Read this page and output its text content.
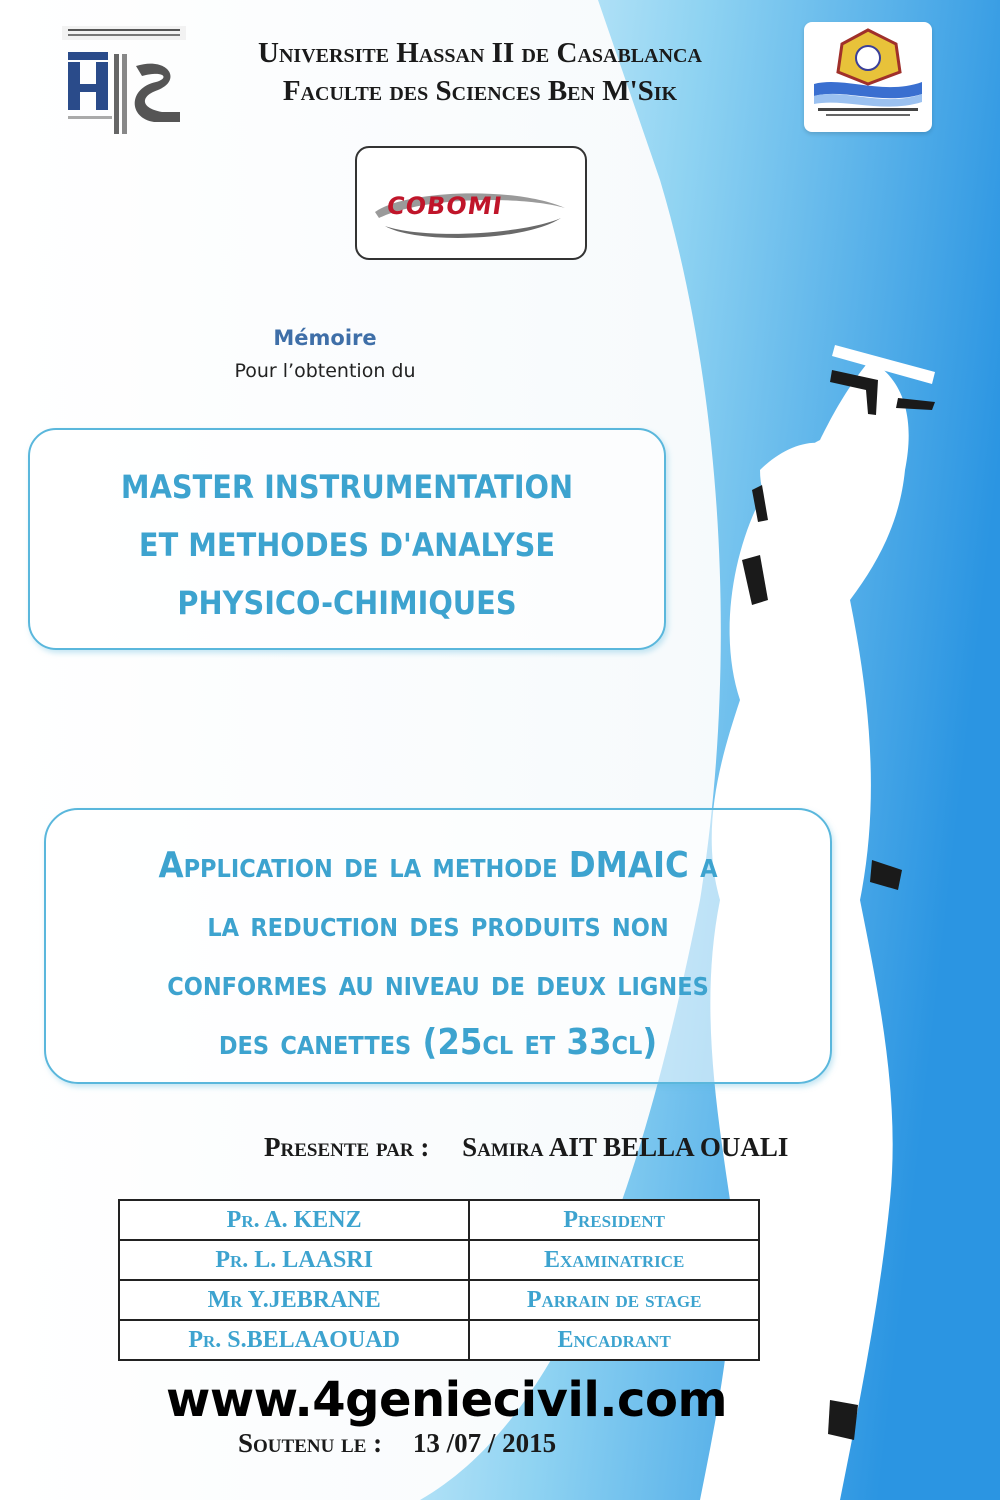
Universite Hassan II de Casablanca
Faculte des Sciences Ben M'Sik
COBOMI
Mémoire
Pour l’obtention du
MASTER INSTRUMENTATION
ET METHODES D'ANALYSE
PHYSICO-CHIMIQUES
Application de la methode DMAIC a
la reduction des produits non
conformes au niveau de deux lignes
des canettes (25cl et 33cl)
Presente par : Samira AIT BELLA OUALI
Pr. A. KENZ	President
Pr. L. LAASRI	Examinatrice
Mr Y.JEBRANE	Parrain de stage
Pr. S.BELAAOUAD	Encadrant
www.4geniecivil.com
Soutenu le : 13 /07 / 2015
